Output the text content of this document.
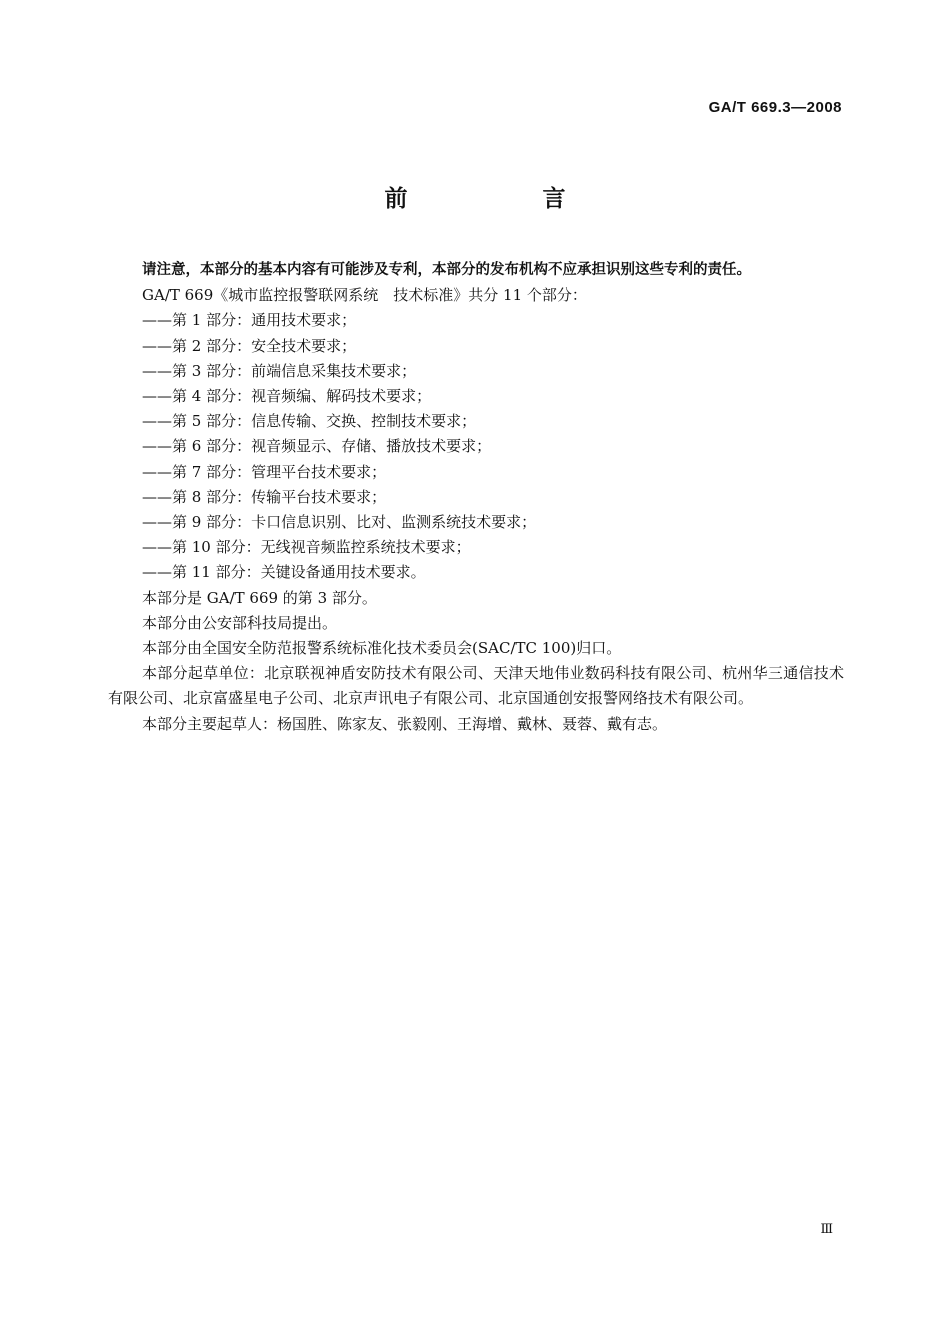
GA/T 669.3—2008
前　言

请注意，本部分的基本内容有可能涉及专利，本部分的发布机构不应承担识别这些专利的责任。

GA/T 669《城市监控报警联网系统　技术标准》共分 11 个部分：

——第 1 部分：通用技术要求；

——第 2 部分：安全技术要求；

——第 3 部分：前端信息采集技术要求；

——第 4 部分：视音频编、解码技术要求；

——第 5 部分：信息传输、交换、控制技术要求；

——第 6 部分：视音频显示、存储、播放技术要求；

——第 7 部分：管理平台技术要求；

——第 8 部分：传输平台技术要求；

——第 9 部分：卡口信息识别、比对、监测系统技术要求；

——第 10 部分：无线视音频监控系统技术要求；

——第 11 部分：关键设备通用技术要求。

本部分是 GA/T 669 的第 3 部分。

本部分由公安部科技局提出。

本部分由全国安全防范报警系统标准化技术委员会(SAC/TC 100)归口。

本部分起草单位：北京联视神盾安防技术有限公司、天津天地伟业数码科技有限公司、杭州华三通信技术有限公司、北京富盛星电子公司、北京声讯电子有限公司、北京国通创安报警网络技术有限公司。

本部分主要起草人：杨国胜、陈家友、张毅刚、王海增、戴林、聂蓉、戴有志。

Ⅲ
